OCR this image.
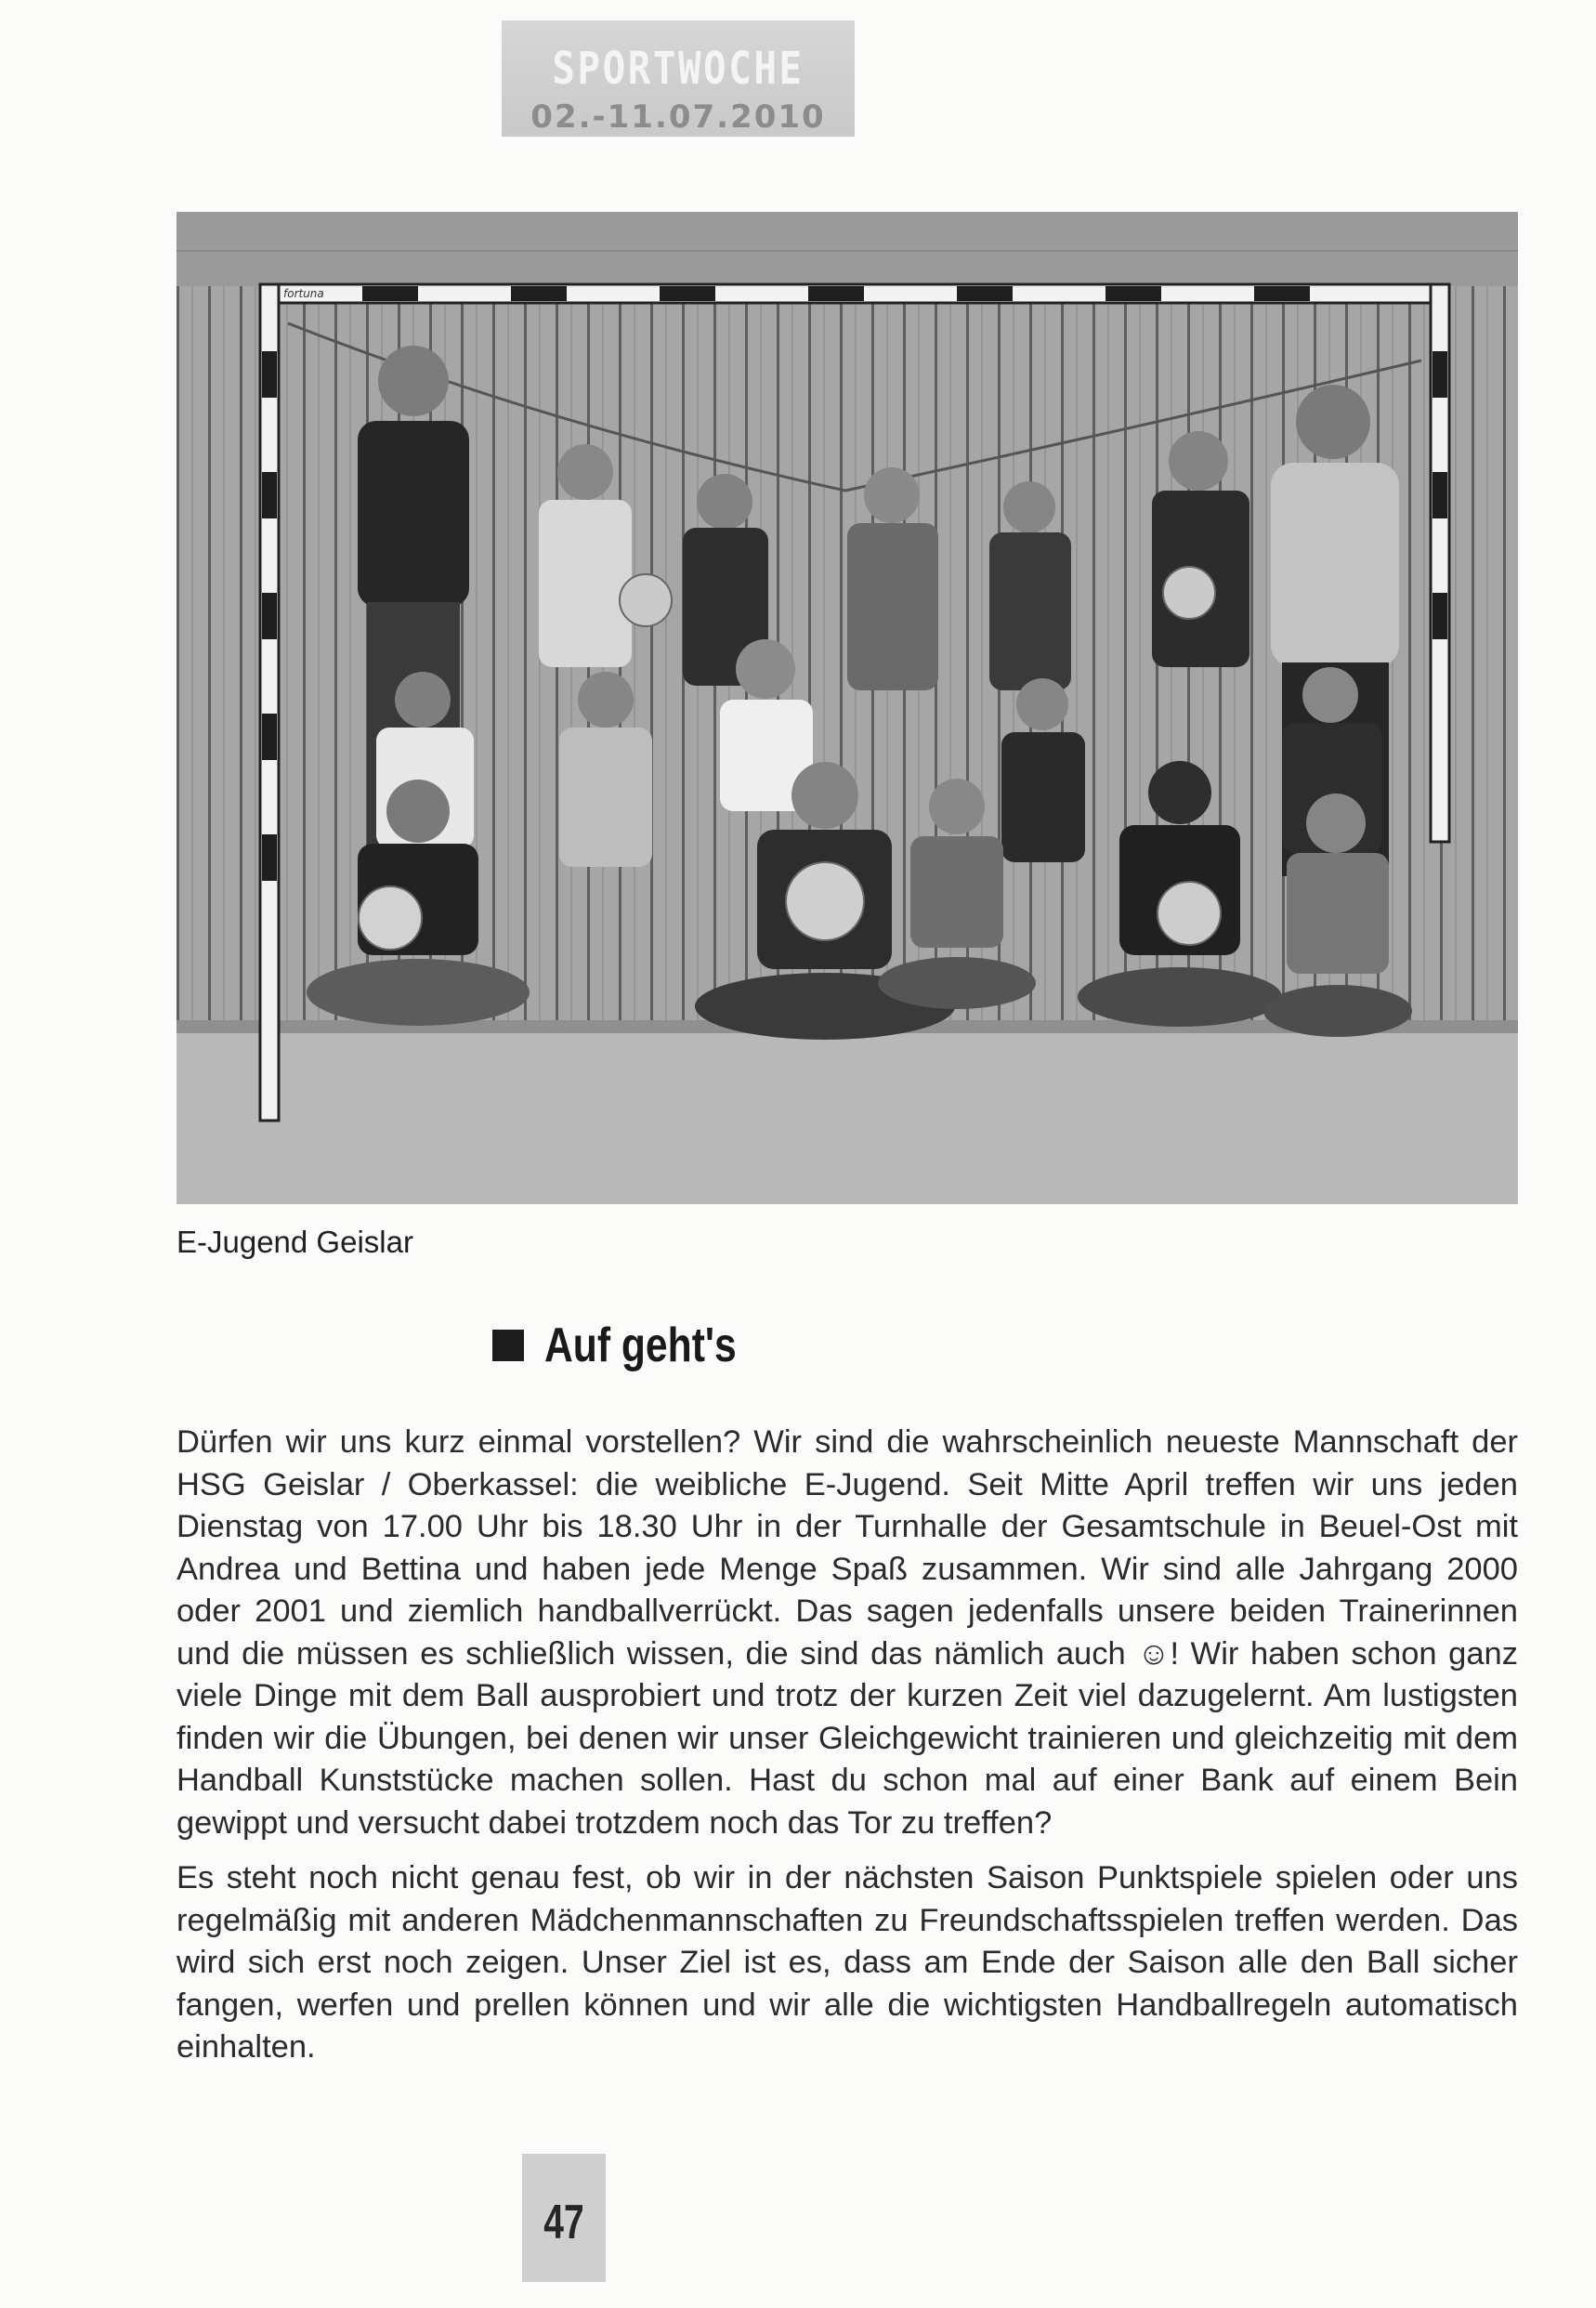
SPORTWOCHE
02.-11.07.2010
fortuna
E-Jugend Geislar
Auf geht's

Dürfen wir uns kurz einmal vorstellen? Wir sind die wahrscheinlich neueste Mannschaft der HSG Geislar / Oberkassel: die weibliche E-Jugend. Seit Mitte April treffen wir uns jeden Dienstag von 17.00 Uhr bis 18.30 Uhr in der Turnhalle der Gesamtschule in Beuel-Ost mit Andrea und Bettina und haben jede Menge Spaß zusammen. Wir sind alle Jahrgang 2000 oder 2001 und ziemlich handballverrückt. Das sagen jedenfalls unsere beiden Trainerinnen und die müssen es schließlich wissen, die sind das nämlich auch ☺! Wir haben schon ganz viele Dinge mit dem Ball ausprobiert und trotz der kurzen Zeit viel dazugelernt. Am lustigsten finden wir die Übungen, bei denen wir unser Gleichgewicht trainieren und gleichzeitig mit dem Handball Kunststücke machen sollen. Hast du schon mal auf einer Bank auf einem Bein gewippt und versucht dabei trotzdem noch das Tor zu treffen?

Es steht noch nicht genau fest, ob wir in der nächsten Saison Punktspiele spielen oder uns regelmäßig mit anderen Mädchenmannschaften zu Freundschaftsspielen treffen werden. Das wird sich erst noch zeigen. Unser Ziel ist es, dass am Ende der Saison alle den Ball sicher fangen, werfen und prellen können und wir alle die wichtigsten Handballregeln automatisch einhalten.

47
